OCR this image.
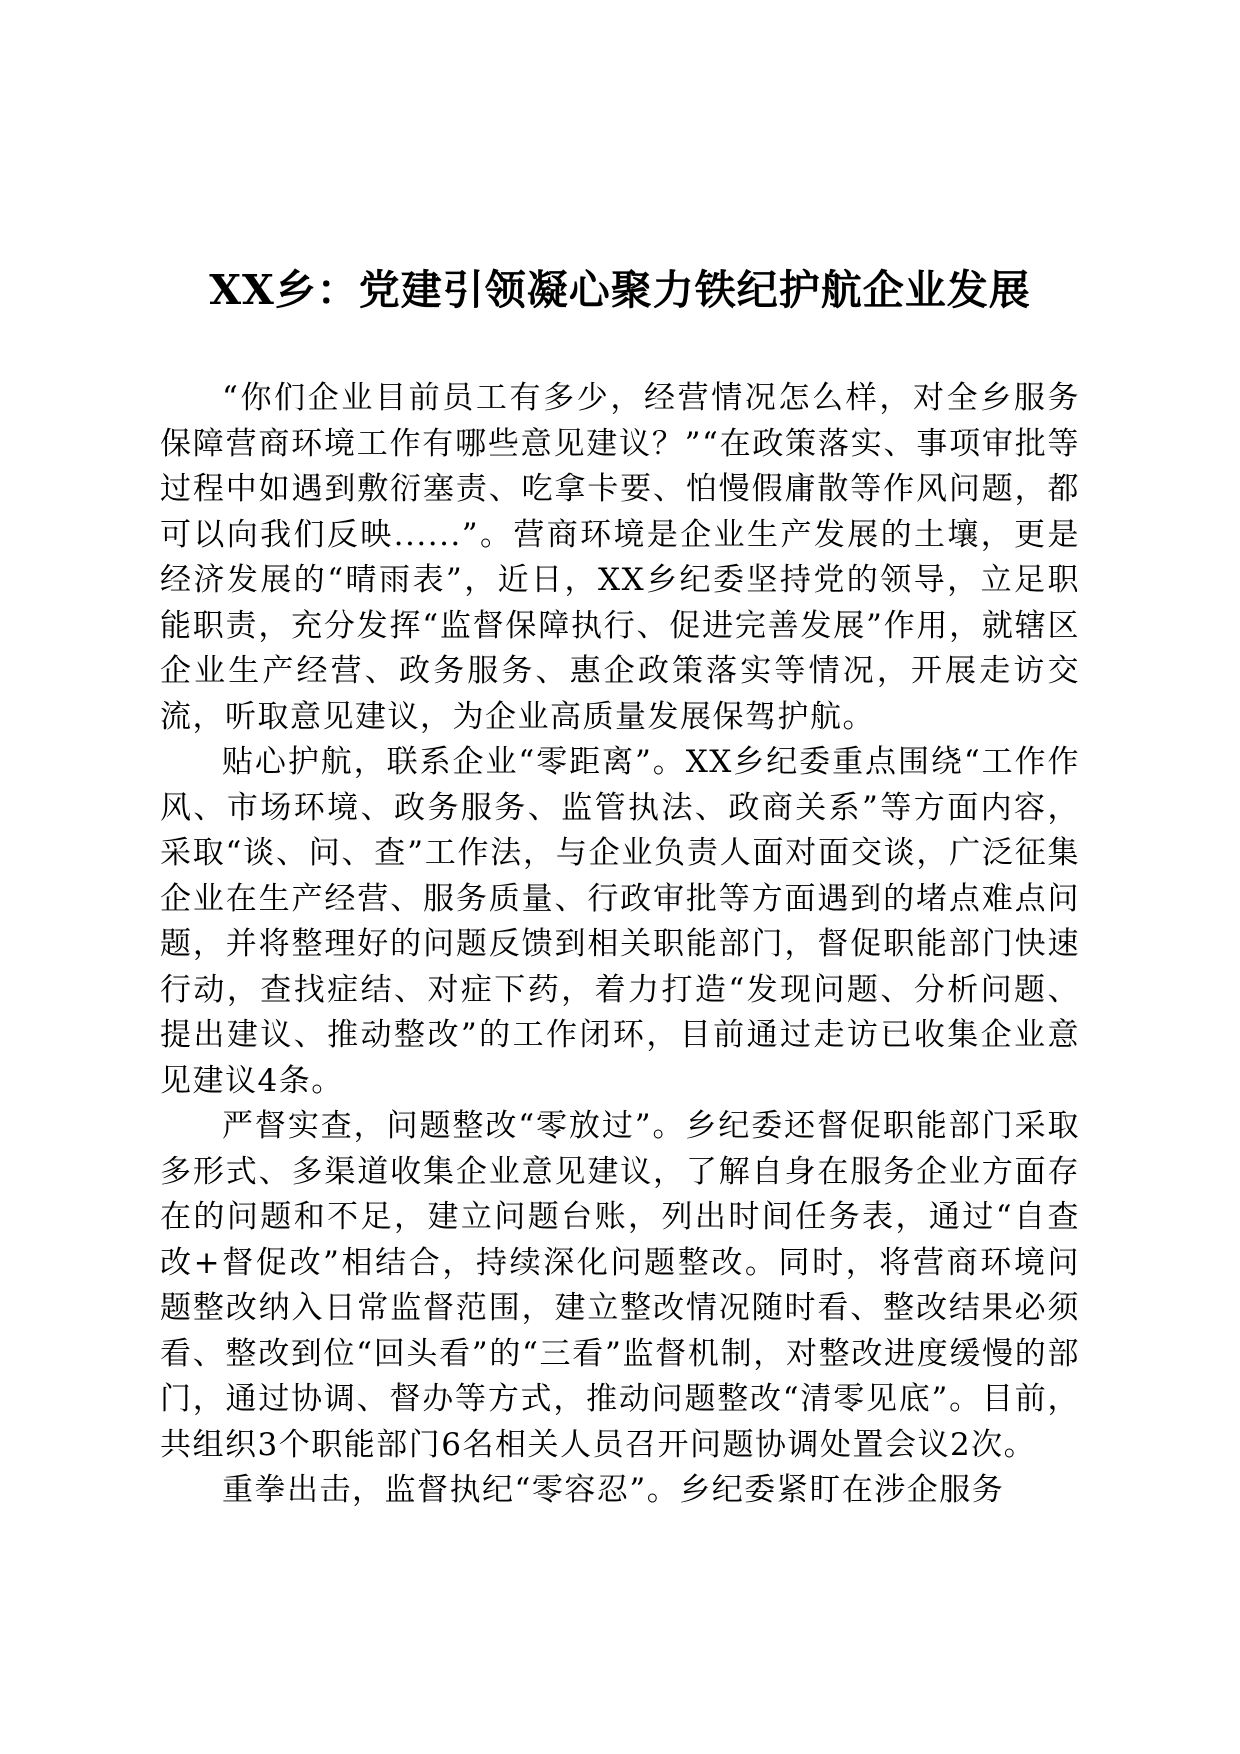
XX乡：党建引领凝心聚力铁纪护航企业发展

“你们企业目前员工有多少，经营情况怎么样，对全乡服务保障营商环境工作有哪些意见建议？”“在政策落实、事项审批等过程中如遇到敷衍塞责、吃拿卡要、怕慢假庸散等作风问题，都可以向我们反映......”。营商环境是企业生产发展的土壤，更是经济发展的“晴雨表”，近日，XX乡纪委坚持党的领导，立足职能职责，充分发挥“监督保障执行、促进完善发展”作用，就辖区企业生产经营、政务服务、惠企政策落实等情况，开展走访交流，听取意见建议，为企业高质量发展保驾护航。

贴心护航，联系企业“零距离”。XX乡纪委重点围绕“工作作风、市场环境、政务服务、监管执法、政商关系”等方面内容，采取“谈、问、查”工作法，与企业负责人面对面交谈，广泛征集企业在生产经营、服务质量、行政审批等方面遇到的堵点难点问题，并将整理好的问题反馈到相关职能部门，督促职能部门快速行动，查找症结、对症下药，着力打造“发现问题、分析问题、提出建议、推动整改”的工作闭环，目前通过走访已收集企业意见建议4条。

严督实查，问题整改“零放过”。乡纪委还督促职能部门采取多形式、多渠道收集企业意见建议，了解自身在服务企业方面存在的问题和不足，建立问题台账，列出时间任务表，通过“自查改+督促改”相结合，持续深化问题整改。同时，将营商环境问题整改纳入日常监督范围，建立整改情况随时看、整改结果必须看、整改到位“回头看”的“三看”监督机制，对整改进度缓慢的部门，通过协调、督办等方式，推动问题整改“清零见底”。目前，共组织3个职能部门6名相关人员召开问题协调处置会议2次。

重拳出击，监督执纪“零容忍”。乡纪委紧盯在涉企服务
